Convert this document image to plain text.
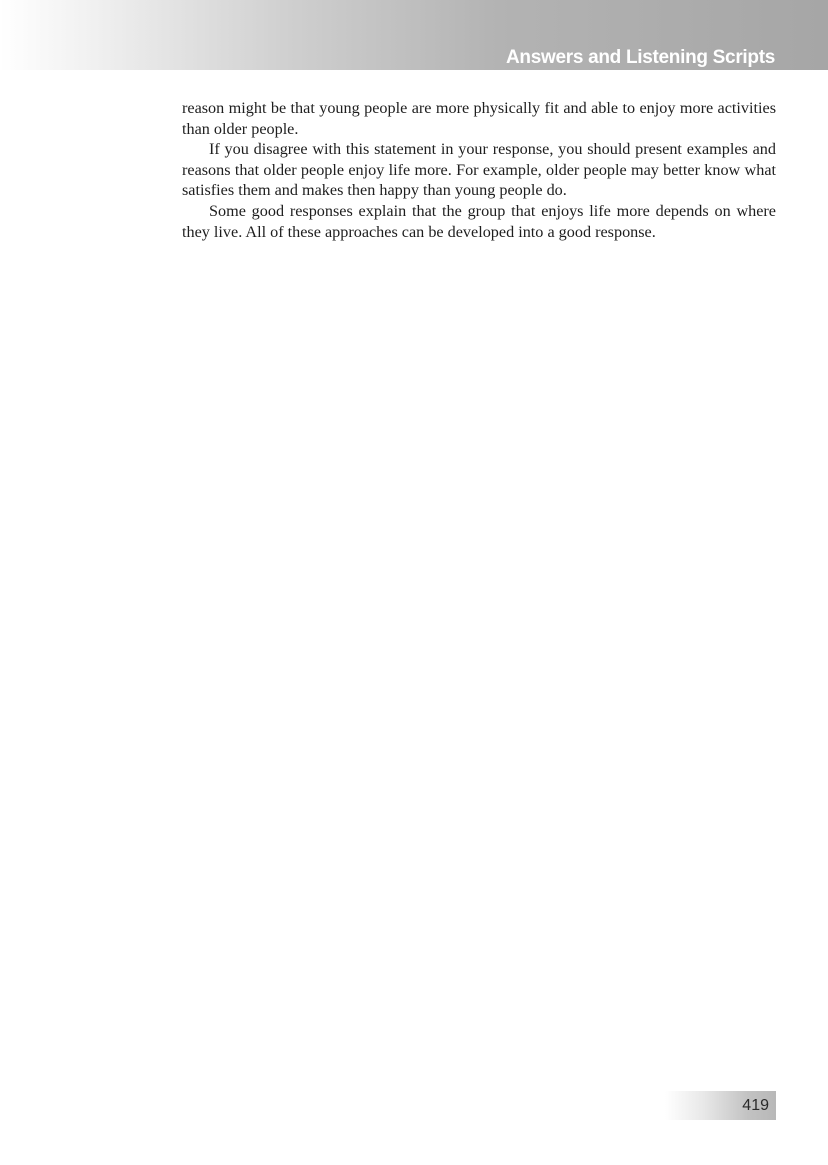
Answers and Listening Scripts

reason might be that young people are more physically fit and able to enjoy more activities than older people.

If you disagree with this statement in your response, you should present examples and reasons that older people enjoy life more. For example, older people may better know what satisfies them and makes then happy than young people do.

Some good responses explain that the group that enjoys life more depends on where they live. All of these approaches can be developed into a good response.

419
